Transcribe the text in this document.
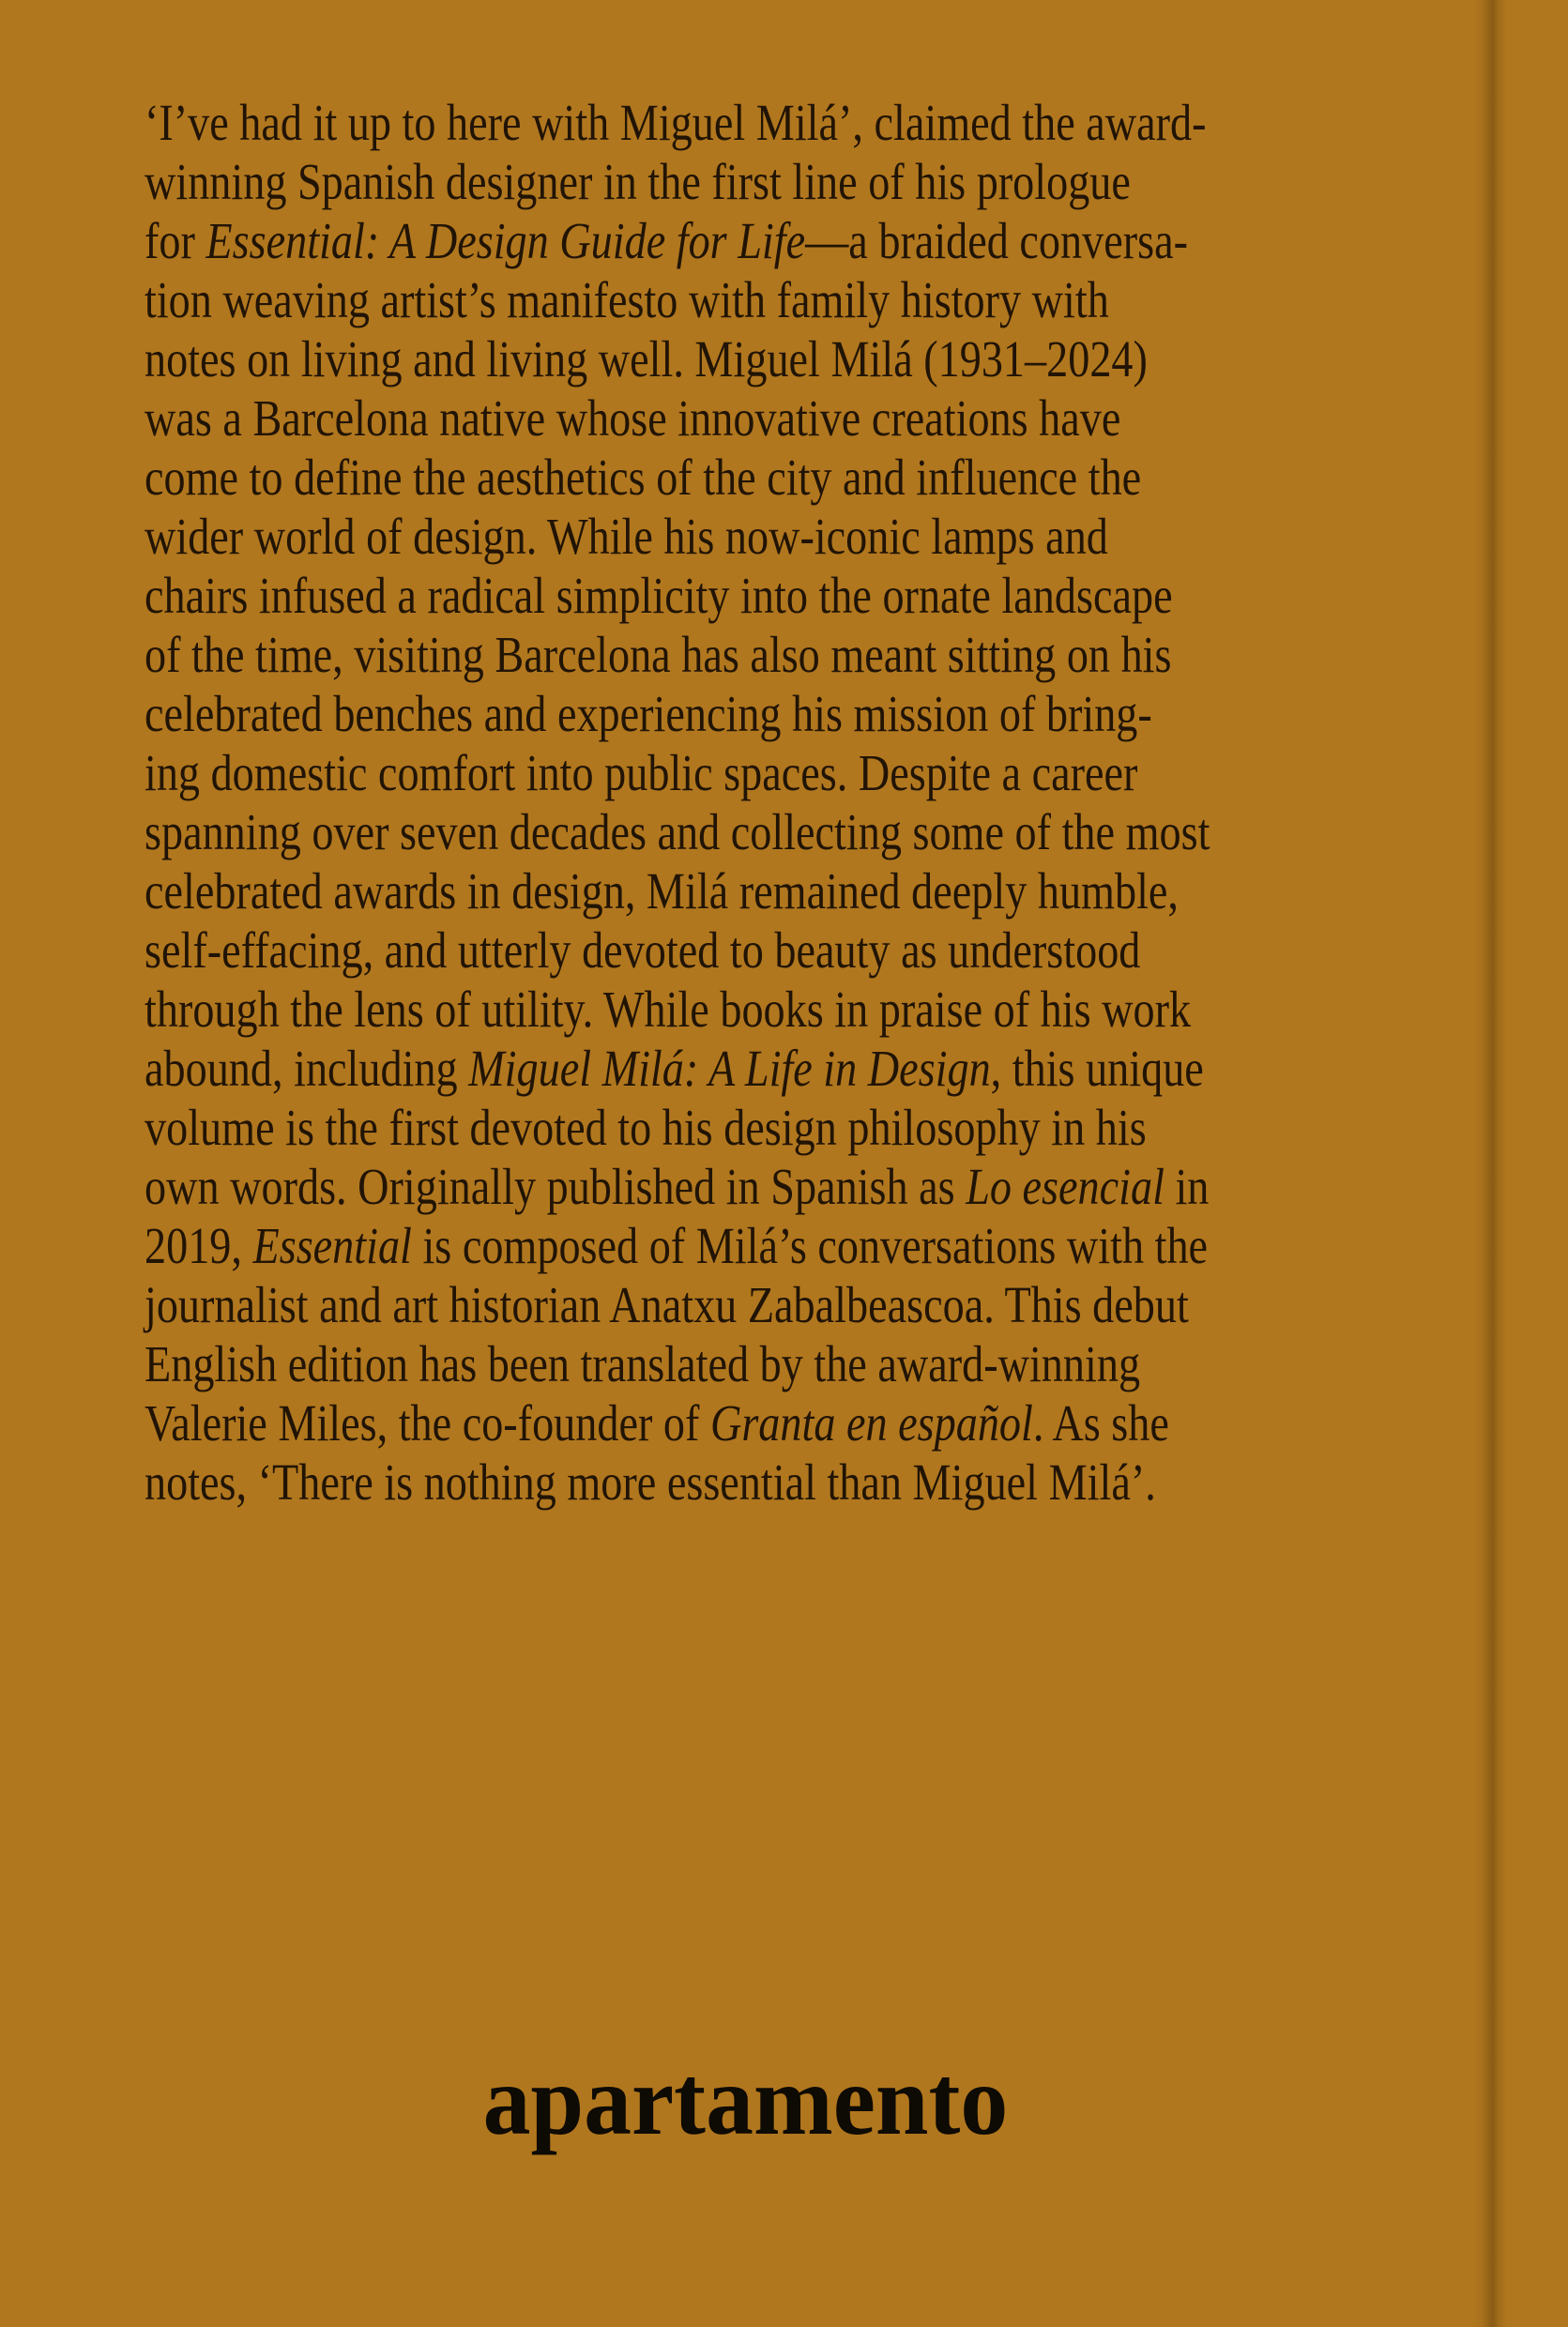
‘I’ve had it up to here with Miguel Milá’, claimed the award-
winning Spanish designer in the first line of his prologue
for Essential: A Design Guide for Life—a braided conversa-
tion weaving artist’s manifesto with family history with
notes on living and living well. Miguel Milá (1931–2024)
was a Barcelona native whose innovative creations have
come to define the aesthetics of the city and influence the
wider world of design. While his now-iconic lamps and
chairs infused a radical simplicity into the ornate landscape
of the time, visiting Barcelona has also meant sitting on his
celebrated benches and experiencing his mission of bring-
ing domestic comfort into public spaces. Despite a career
spanning over seven decades and collecting some of the most
celebrated awards in design, Milá remained deeply humble,
self-effacing, and utterly devoted to beauty as understood
through the lens of utility. While books in praise of his work
abound, including Miguel Milá: A Life in Design, this unique
volume is the first devoted to his design philosophy in his
own words. Originally published in Spanish as Lo esencial in
2019, Essential is composed of Milá’s conversations with the
journalist and art historian Anatxu Zabalbeascoa. This debut
English edition has been translated by the award-winning
Valerie Miles, the co-founder of Granta en español. As she
notes, ‘There is nothing more essential than Miguel Milá’.
apartamento
